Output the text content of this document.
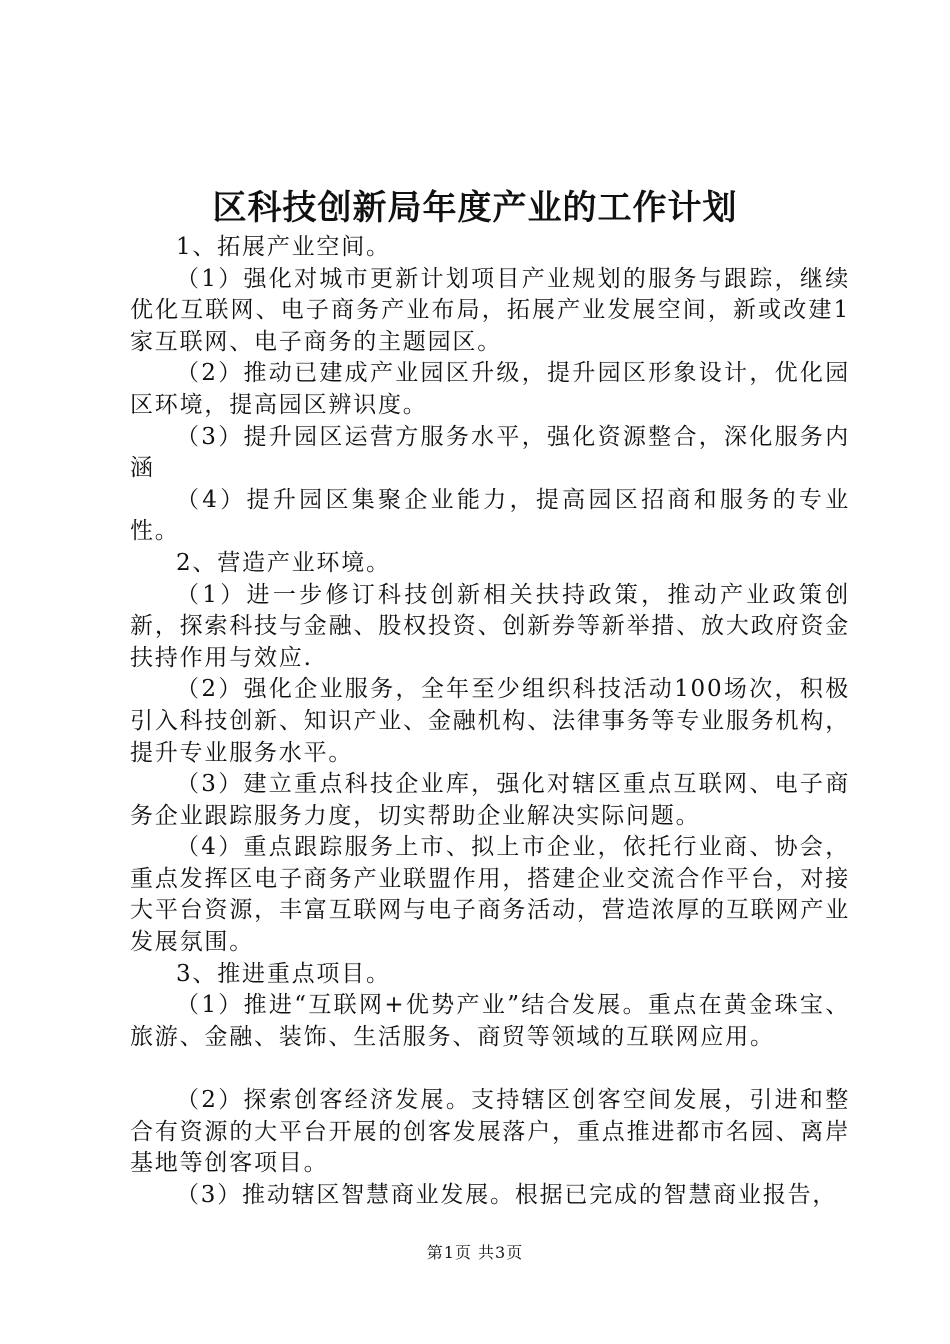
区科技创新局年度产业的工作计划

1、拓展产业空间。

（1）强化对城市更新计划项目产业规划的服务与跟踪，继续优化互联网、电子商务产业布局，拓展产业发展空间，新或改建1家互联网、电子商务的主题园区。

（2）推动已建成产业园区升级，提升园区形象设计，优化园区环境，提高园区辨识度。

（3）提升园区运营方服务水平，强化资源整合，深化服务内涵

（4）提升园区集聚企业能力，提高园区招商和服务的专业性。

2、营造产业环境。

（1）进一步修订科技创新相关扶持政策，推动产业政策创新，探索科技与金融、股权投资、创新券等新举措、放大政府资金扶持作用与效应.

（2）强化企业服务，全年至少组织科技活动100场次，积极引入科技创新、知识产业、金融机构、法律事务等专业服务机构，提升专业服务水平。

（3）建立重点科技企业库，强化对辖区重点互联网、电子商务企业跟踪服务力度，切实帮助企业解决实际问题。

（4）重点跟踪服务上市、拟上市企业，依托行业商、协会，重点发挥区电子商务产业联盟作用，搭建企业交流合作平台，对接大平台资源，丰富互联网与电子商务活动，营造浓厚的互联网产业发展氛围。

3、推进重点项目。

（1）推进“互联网+优势产业”结合发展。重点在黄金珠宝、旅游、金融、装饰、生活服务、商贸等领域的互联网应用。

（2）探索创客经济发展。支持辖区创客空间发展，引进和整合有资源的大平台开展的创客发展落户，重点推进都市名园、离岸基地等创客项目。

（3）推动辖区智慧商业发展。根据已完成的智慧商业报告，

第1页 共3页
